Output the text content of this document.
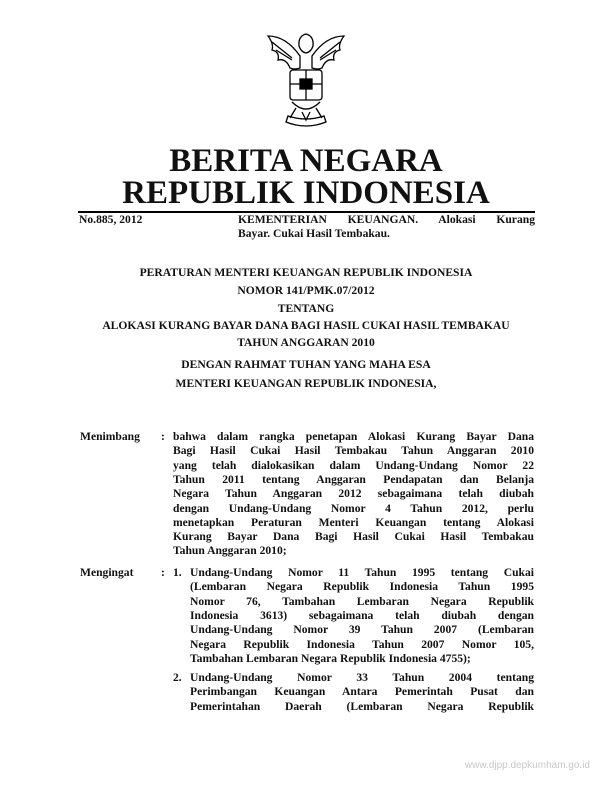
BERITA NEGARA
REPUBLIK INDONESIA
No.885, 2012	KEMENTERIAN KEUANGAN. Alokasi Kurang
Bayar. Cukai Hasil Tembakau.
PERATURAN MENTERI KEUANGAN REPUBLIK INDONESIA
NOMOR 141/PMK.07/2012
TENTANG
ALOKASI KURANG BAYAR DANA BAGI HASIL CUKAI HASIL TEMBAKAU
TAHUN ANGGARAN 2010
DENGAN RAHMAT TUHAN YANG MAHA ESA
MENTERI KEUANGAN REPUBLIK INDONESIA,
Menimbang : bahwa dalam rangka penetapan Alokasi Kurang Bayar Dana
Bagi Hasil Cukai Hasil Tembakau Tahun Anggaran 2010
yang telah dialokasikan dalam Undang-Undang Nomor 22
Tahun 2011 tentang Anggaran Pendapatan dan Belanja
Negara Tahun Anggaran 2012 sebagaimana telah diubah
dengan Undang-Undang Nomor 4 Tahun 2012, perlu
menetapkan Peraturan Menteri Keuangan tentang Alokasi
Kurang Bayar Dana Bagi Hasil Cukai Hasil Tembakau
Tahun Anggaran 2010;
Mengingat : 1. Undang-Undang Nomor 11 Tahun 1995 tentang Cukai
(Lembaran Negara Republik Indonesia Tahun 1995
Nomor 76, Tambahan Lembaran Negara Republik
Indonesia 3613) sebagaimana telah diubah dengan
Undang-Undang Nomor 39 Tahun 2007 (Lembaran
Negara Republik Indonesia Tahun 2007 Nomor 105,
Tambahan Lembaran Negara Republik Indonesia 4755);
2. Undang-Undang Nomor 33 Tahun 2004 tentang
Perimbangan Keuangan Antara Pemerintah Pusat dan
Pemerintahan Daerah (Lembaran Negara Republik
www.djpp.depkumham.go.id
